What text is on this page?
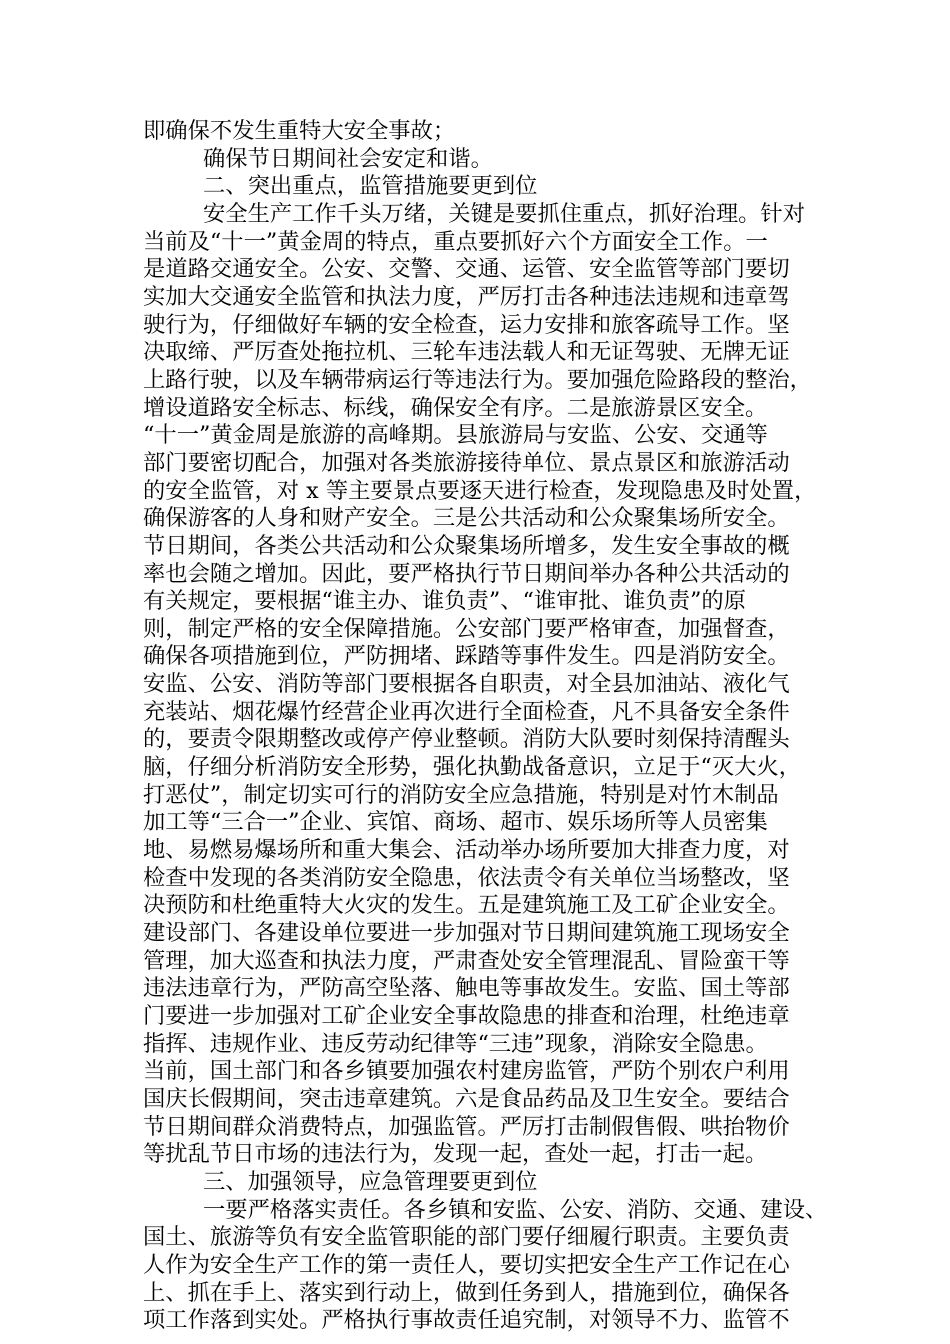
即确保不发生重特大安全事故；
确保节日期间社会安定和谐。
二、突出重点，监管措施要更到位
安全生产工作千头万绪，关键是要抓住重点，抓好治理。针对
当前及“十一”黄金周的特点，重点要抓好六个方面安全工作。一
是道路交通安全。公安、交警、交通、运管、安全监管等部门要切
实加大交通安全监管和执法力度，严厉打击各种违法违规和违章驾
驶行为，仔细做好车辆的安全检查，运力安排和旅客疏导工作。坚
决取缔、严厉查处拖拉机、三轮车违法载人和无证驾驶、无牌无证
上路行驶，以及车辆带病运行等违法行为。要加强危险路段的整治，
增设道路安全标志、标线，确保安全有序。二是旅游景区安全。
“十一”黄金周是旅游的高峰期。县旅游局与安监、公安、交通等
部门要密切配合，加强对各类旅游接待单位、景点景区和旅游活动
的安全监管，对 x 等主要景点要逐天进行检查，发现隐患及时处置，
确保游客的人身和财产安全。三是公共活动和公众聚集场所安全。
节日期间，各类公共活动和公众聚集场所增多，发生安全事故的概
率也会随之增加。因此，要严格执行节日期间举办各种公共活动的
有关规定，要根据“谁主办、谁负责”、“谁审批、谁负责”的原
则，制定严格的安全保障措施。公安部门要严格审查，加强督查，
确保各项措施到位，严防拥堵、踩踏等事件发生。四是消防安全。
安监、公安、消防等部门要根据各自职责，对全县加油站、液化气
充装站、烟花爆竹经营企业再次进行全面检查，凡不具备安全条件
的，要责令限期整改或停产停业整顿。消防大队要时刻保持清醒头
脑，仔细分析消防安全形势，强化执勤战备意识，立足于“灭大火，
打恶仗”，制定切实可行的消防安全应急措施，特别是对竹木制品
加工等“三合一”企业、宾馆、商场、超市、娱乐场所等人员密集
地、易燃易爆场所和重大集会、活动举办场所要加大排查力度，对
检查中发现的各类消防安全隐患，依法责令有关单位当场整改，坚
决预防和杜绝重特大火灾的发生。五是建筑施工及工矿企业安全。
建设部门、各建设单位要进一步加强对节日期间建筑施工现场安全
管理，加大巡查和执法力度，严肃查处安全管理混乱、冒险蛮干等
违法违章行为，严防高空坠落、触电等事故发生。安监、国土等部
门要进一步加强对工矿企业安全事故隐患的排查和治理，杜绝违章
指挥、违规作业、违反劳动纪律等“三违”现象，消除安全隐患。
当前，国土部门和各乡镇要加强农村建房监管，严防个别农户利用
国庆长假期间，突击违章建筑。六是食品药品及卫生安全。要结合
节日期间群众消费特点，加强监管。严厉打击制假售假、哄抬物价
等扰乱节日市场的违法行为，发现一起，查处一起，打击一起。
三、加强领导，应急管理要更到位
一要严格落实责任。各乡镇和安监、公安、消防、交通、建设、
国土、旅游等负有安全监管职能的部门要仔细履行职责。主要负责
人作为安全生产工作的第一责任人，要切实把安全生产工作记在心
上、抓在手上、落实到行动上，做到任务到人，措施到位，确保各
项工作落到实处。严格执行事故责任追究制，对领导不力、监管不
